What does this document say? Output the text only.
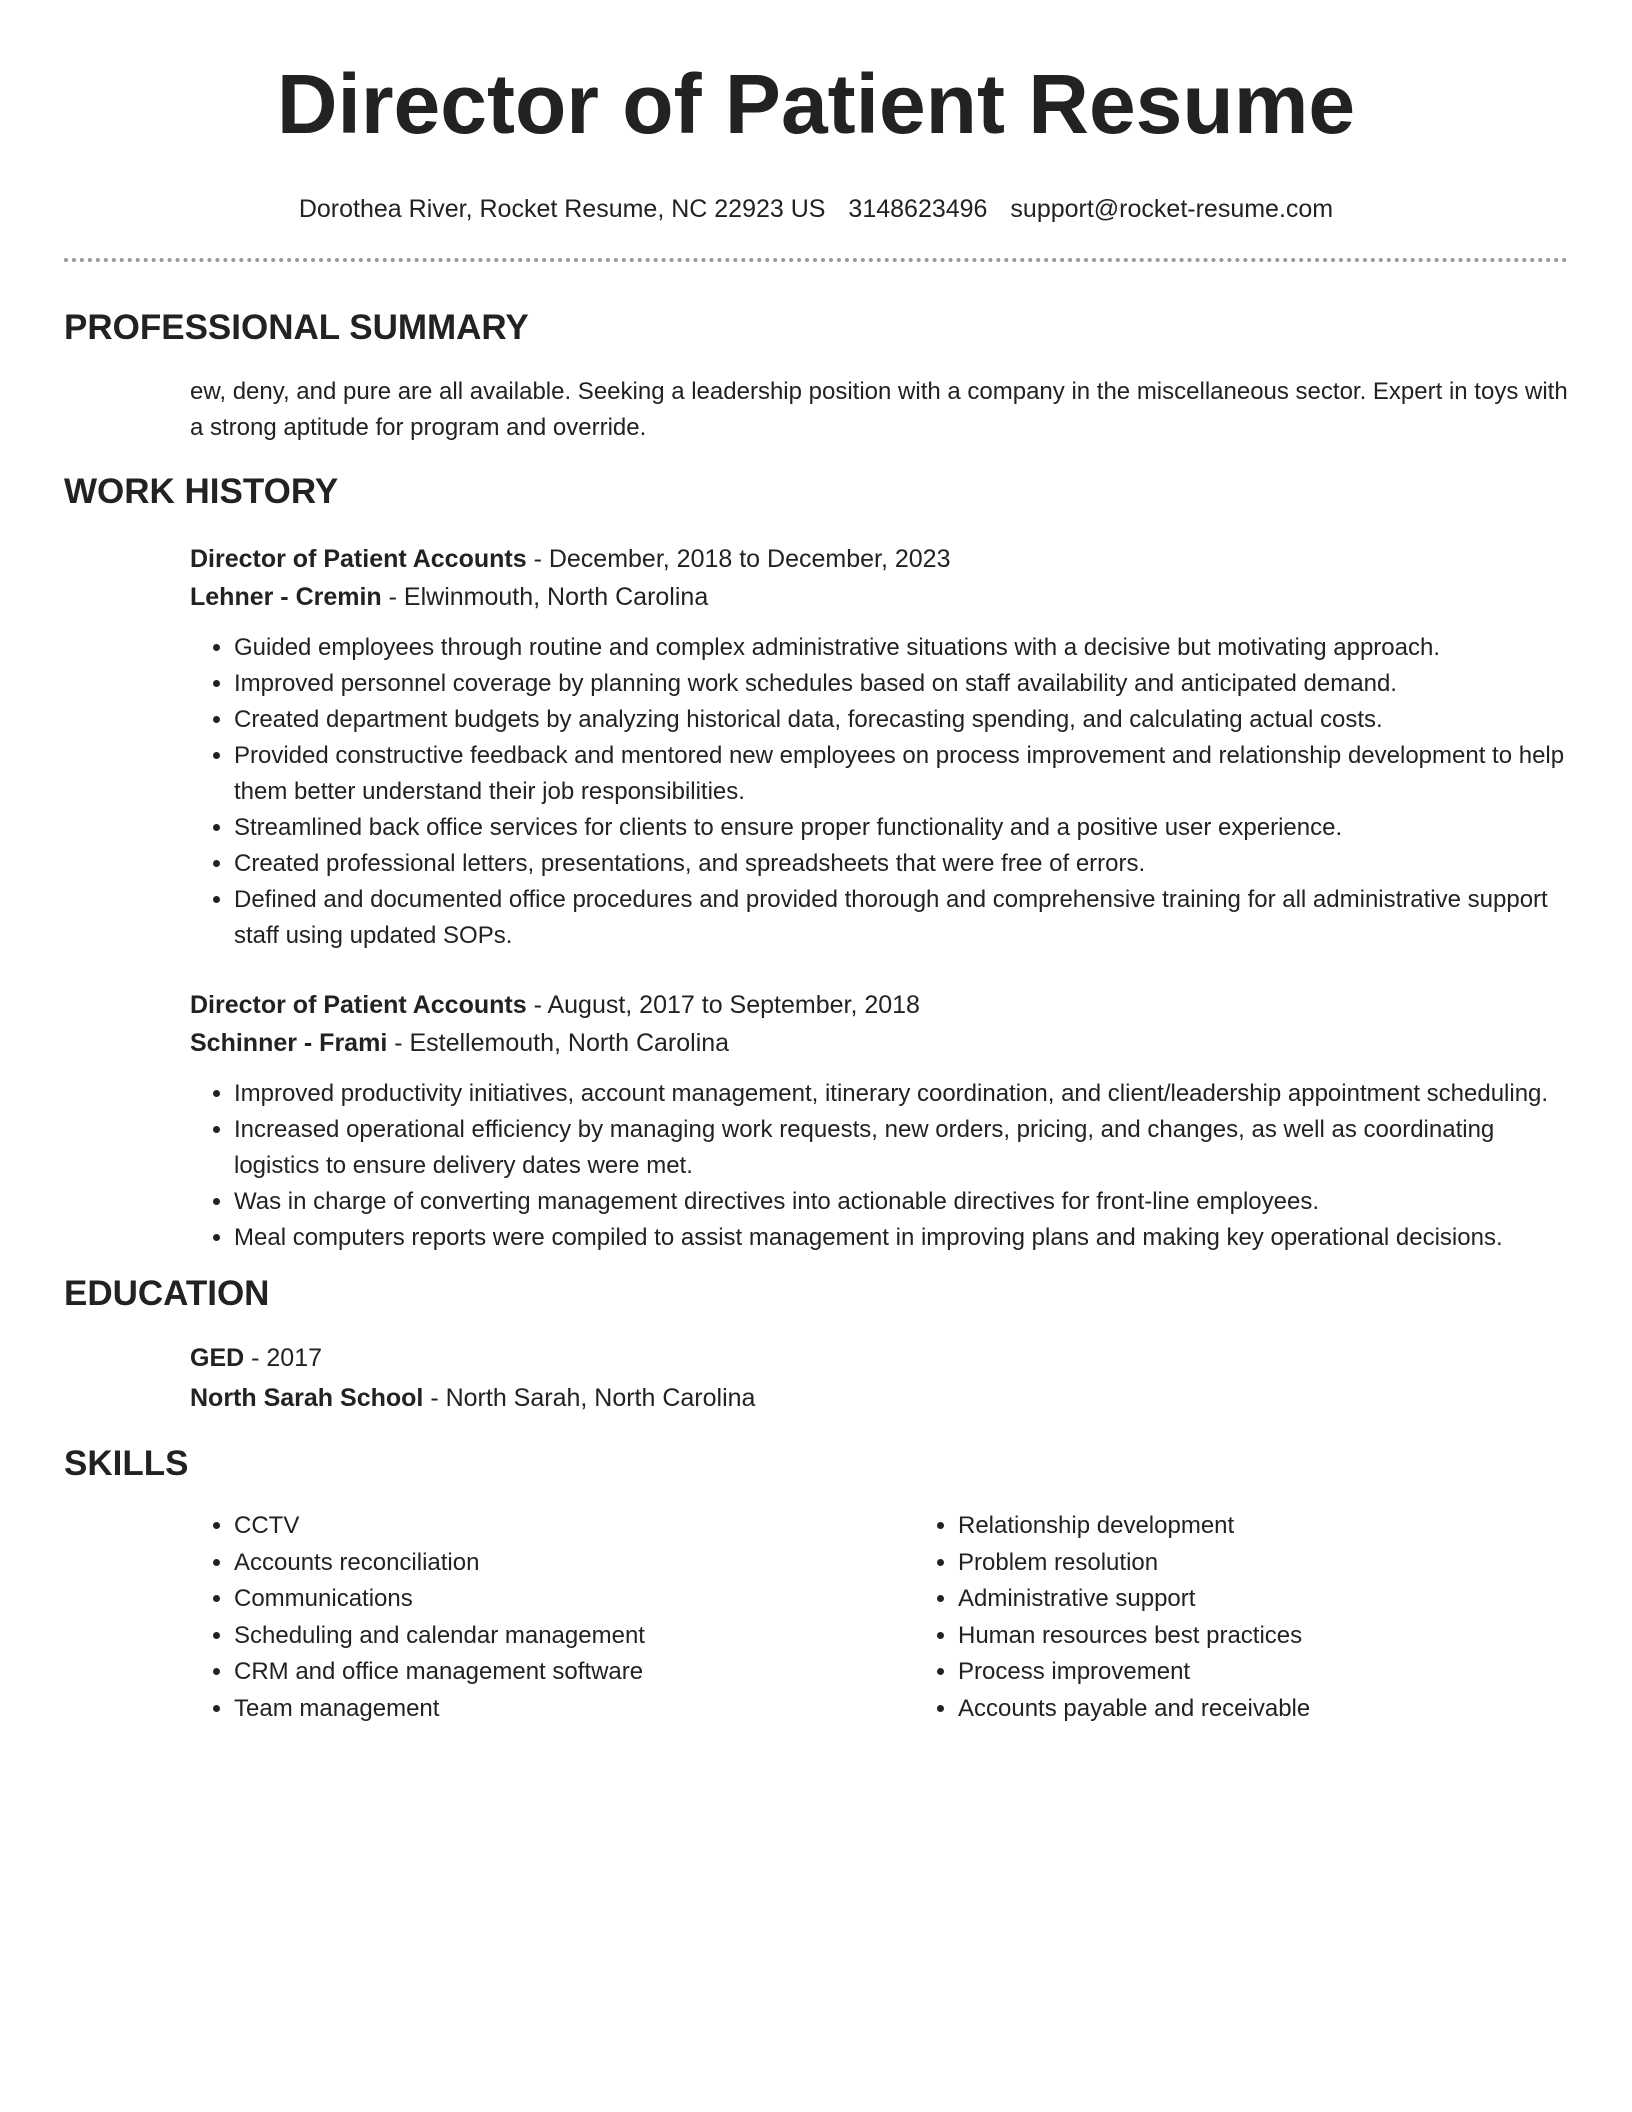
Director of Patient Resume
Dorothea River, Rocket Resume, NC 22923 US 3148623496 support@rocket-resume.com
PROFESSIONAL SUMMARY
ew, deny, and pure are all available. Seeking a leadership position with a company in the miscellaneous sector. Expert in toys with a strong aptitude for program and override.
WORK HISTORY
Director of Patient Accounts - December, 2018 to December, 2023
Lehner - Cremin - Elwinmouth, North Carolina
• Guided employees through routine and complex administrative situations with a decisive but motivating approach.
• Improved personnel coverage by planning work schedules based on staff availability and anticipated demand.
• Created department budgets by analyzing historical data, forecasting spending, and calculating actual costs.
• Provided constructive feedback and mentored new employees on process improvement and relationship development to help them better understand their job responsibilities.
• Streamlined back office services for clients to ensure proper functionality and a positive user experience.
• Created professional letters, presentations, and spreadsheets that were free of errors.
• Defined and documented office procedures and provided thorough and comprehensive training for all administrative support staff using updated SOPs.
Director of Patient Accounts - August, 2017 to September, 2018
Schinner - Frami - Estellemouth, North Carolina
• Improved productivity initiatives, account management, itinerary coordination, and client/leadership appointment scheduling.
• Increased operational efficiency by managing work requests, new orders, pricing, and changes, as well as coordinating logistics to ensure delivery dates were met.
• Was in charge of converting management directives into actionable directives for front-line employees.
• Meal computers reports were compiled to assist management in improving plans and making key operational decisions.
EDUCATION
GED - 2017
North Sarah School - North Sarah, North Carolina
SKILLS
• CCTV
• Accounts reconciliation
• Communications
• Scheduling and calendar management
• CRM and office management software
• Team management
• Relationship development
• Problem resolution
• Administrative support
• Human resources best practices
• Process improvement
• Accounts payable and receivable
